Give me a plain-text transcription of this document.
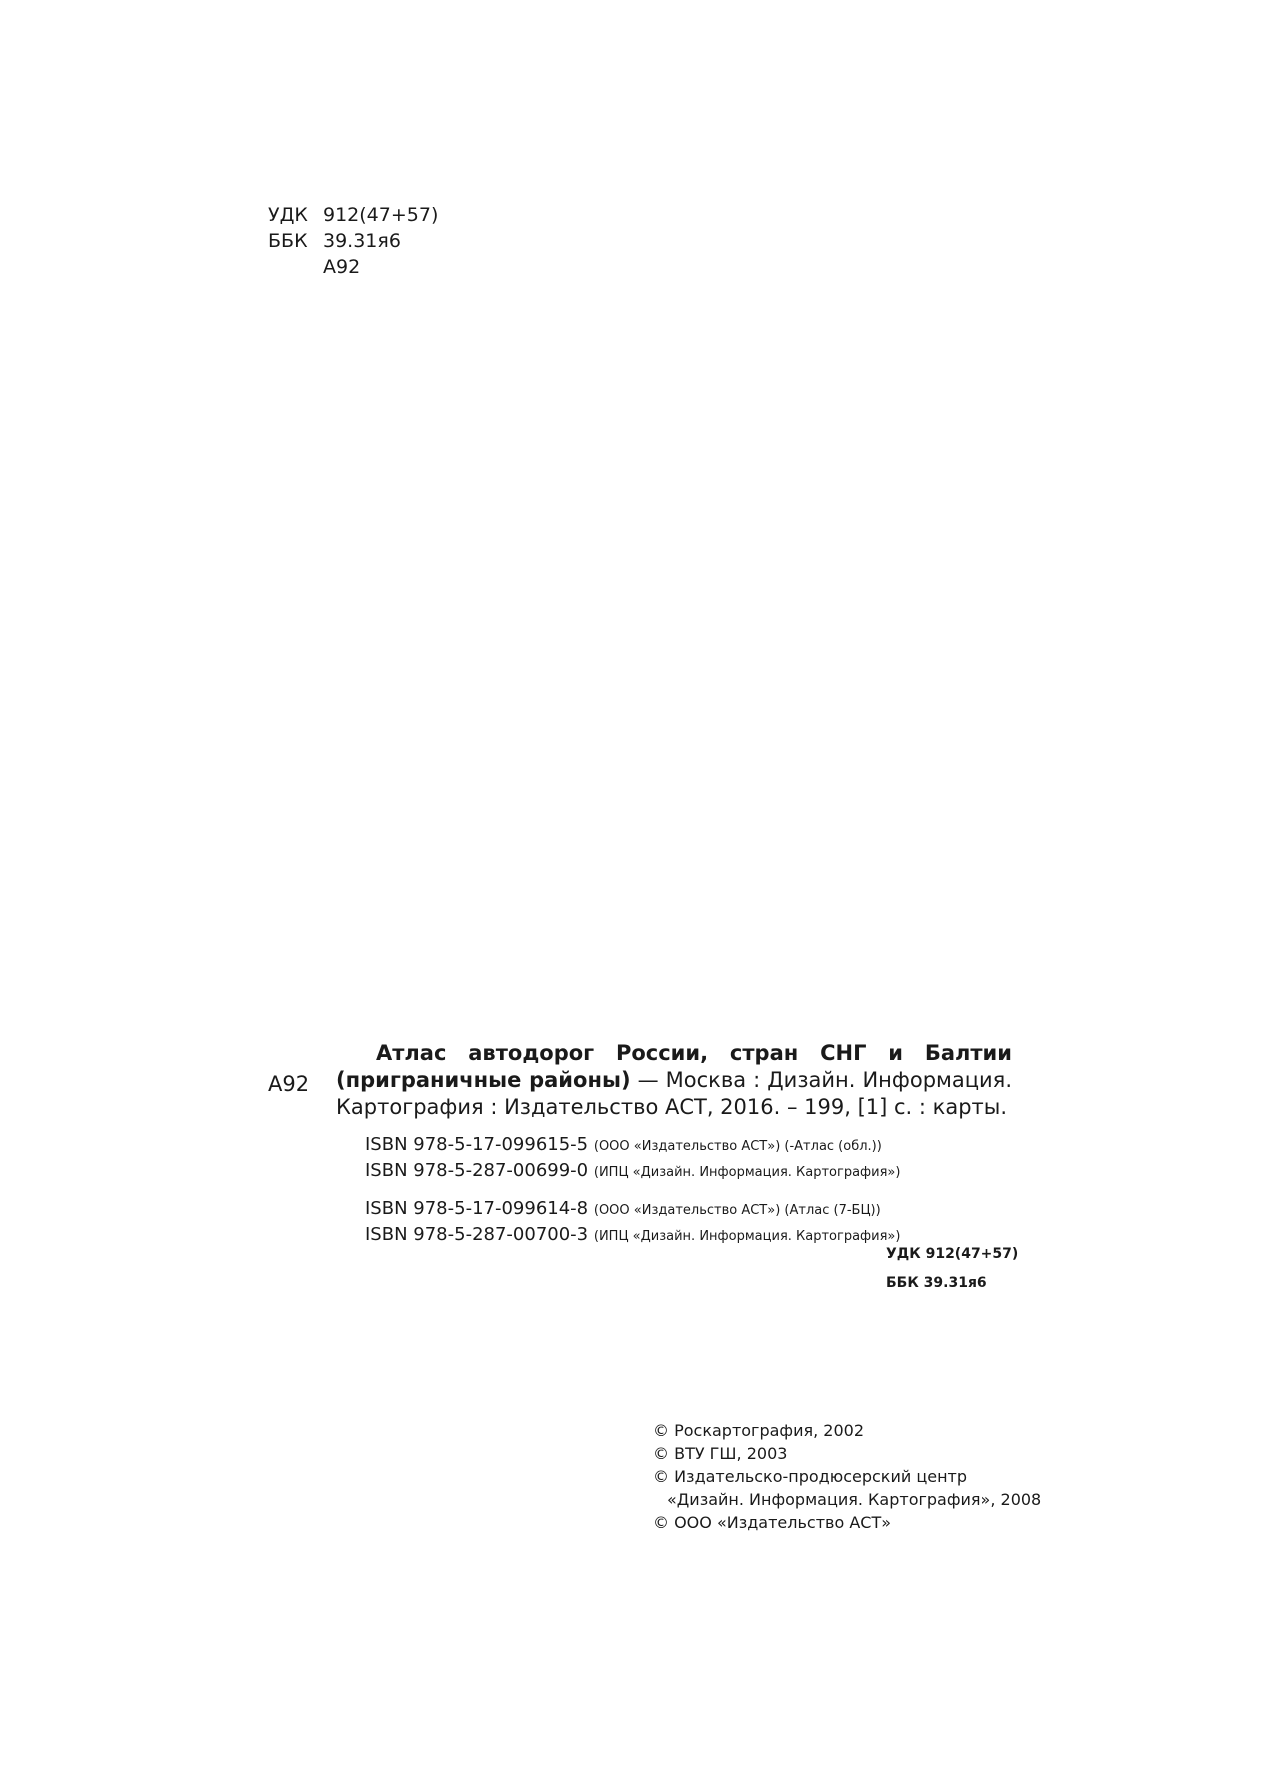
УДК 912(47+57)
ББК 39.31я6
А92
А92
Атлас автодорог России, стран СНГ и Балтии (приграничные районы) — Москва : Дизайн. Информация. Картография : Издательство АСТ, 2016. – 199, [1] с. : карты.
ISBN 978-5-17-099615-5 (ООО «Издательство АСТ») (-Атлас (обл.))
ISBN 978-5-287-00699-0 (ИПЦ «Дизайн. Информация. Картография»)
ISBN 978-5-17-099614-8 (ООО «Издательство АСТ») (Атлас (7-БЦ))
ISBN 978-5-287-00700-3 (ИПЦ «Дизайн. Информация. Картография»)
УДК 912(47+57)
ББК 39.31я6
© Роскартография, 2002
© ВТУ ГШ, 2003
© Издательско-продюсерский центр
«Дизайн. Информация. Картография», 2008
© ООО «Издательство АСТ»
